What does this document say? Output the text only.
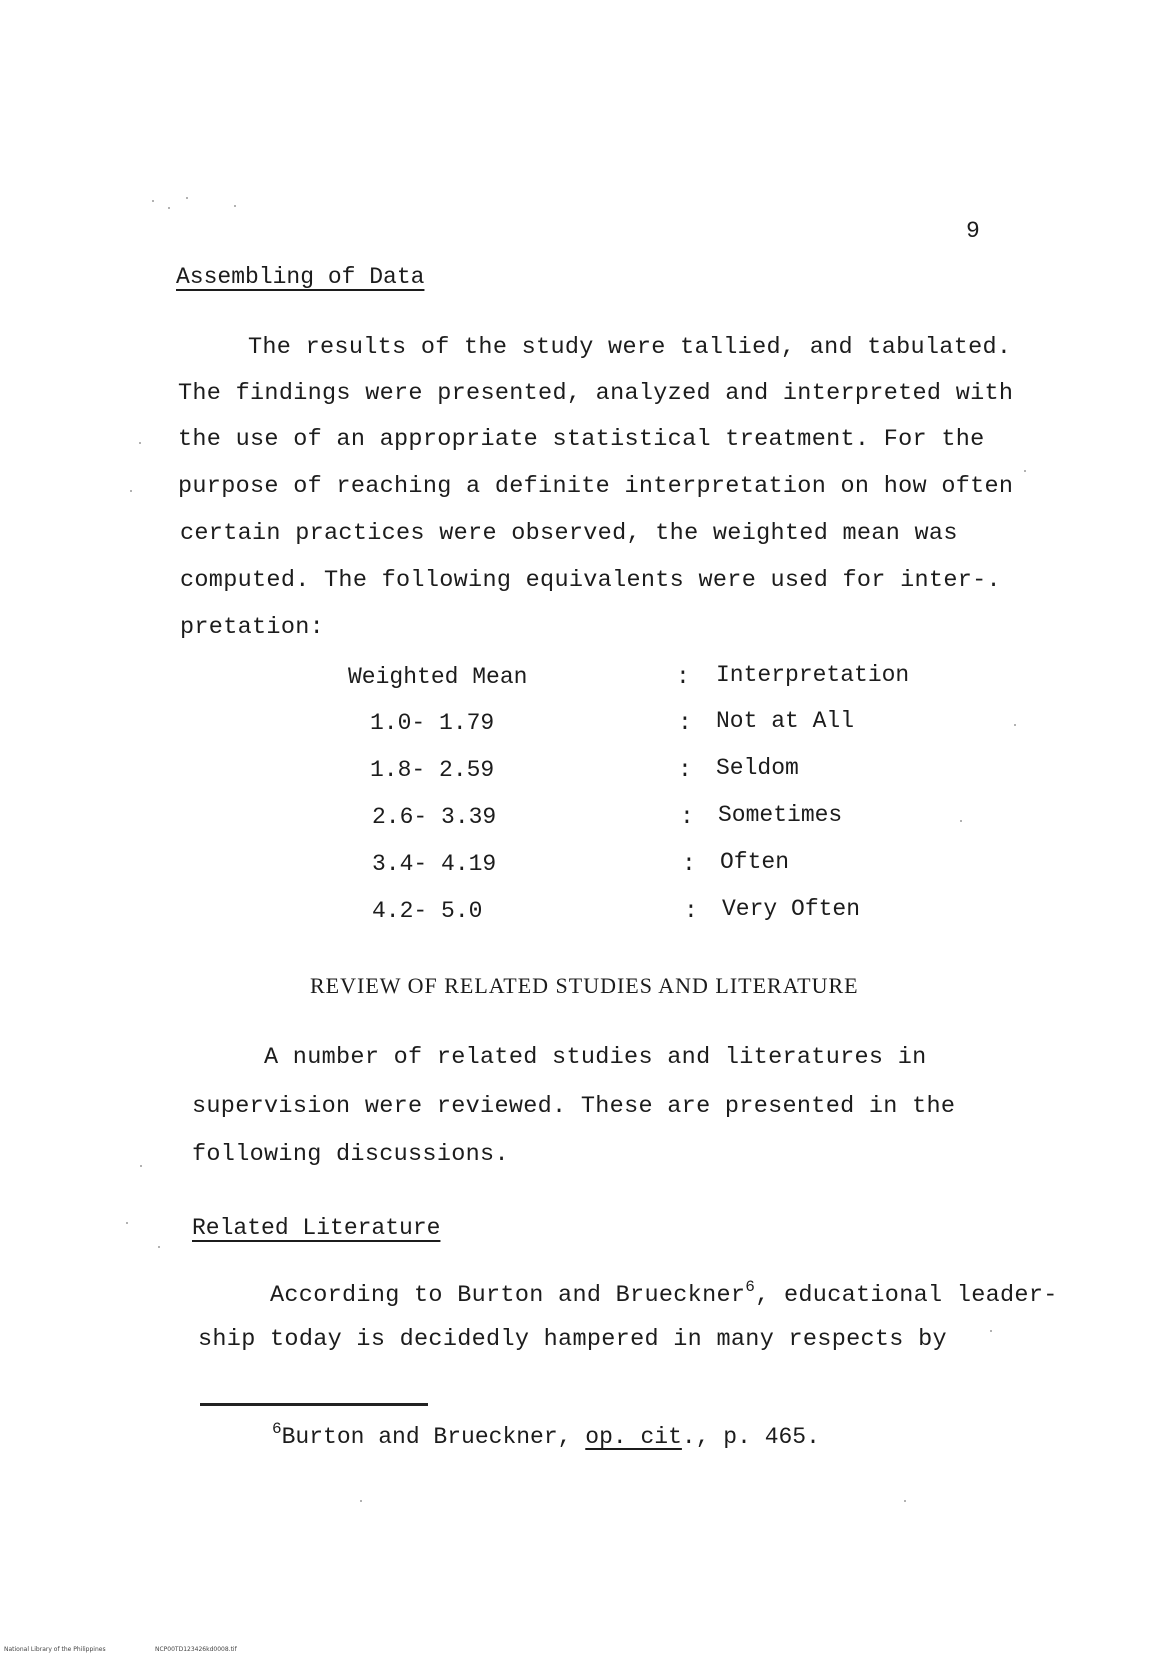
9
Assembling of Data
The results of the study were tallied, and tabulated.
The findings were presented, analyzed and interpreted with
the use of an appropriate statistical treatment. For the
purpose of reaching a definite interpretation on how often
certain practices were observed, the weighted mean was
computed. The following equivalents were used for inter-.
pretation:
Weighted Mean	: Interpretation
1.0- 1.79	: Not at All
1.8- 2.59	: Seldom
2.6- 3.39	: Sometimes
3.4- 4.19	: Often
4.2- 5.0	: Very Often
REVIEW OF RELATED STUDIES AND LITERATURE
A number of related studies and literatures in
supervision were reviewed. These are presented in the
following discussions.
Related Literature
According to Burton and Brueckner$^6$, educational leader-
ship today is decidedly hampered in many respects by
$^6$Burton and Brueckner, op. cit., p. 465.
National Library of the Philippines	NCP00TD123426kd0008.tif
